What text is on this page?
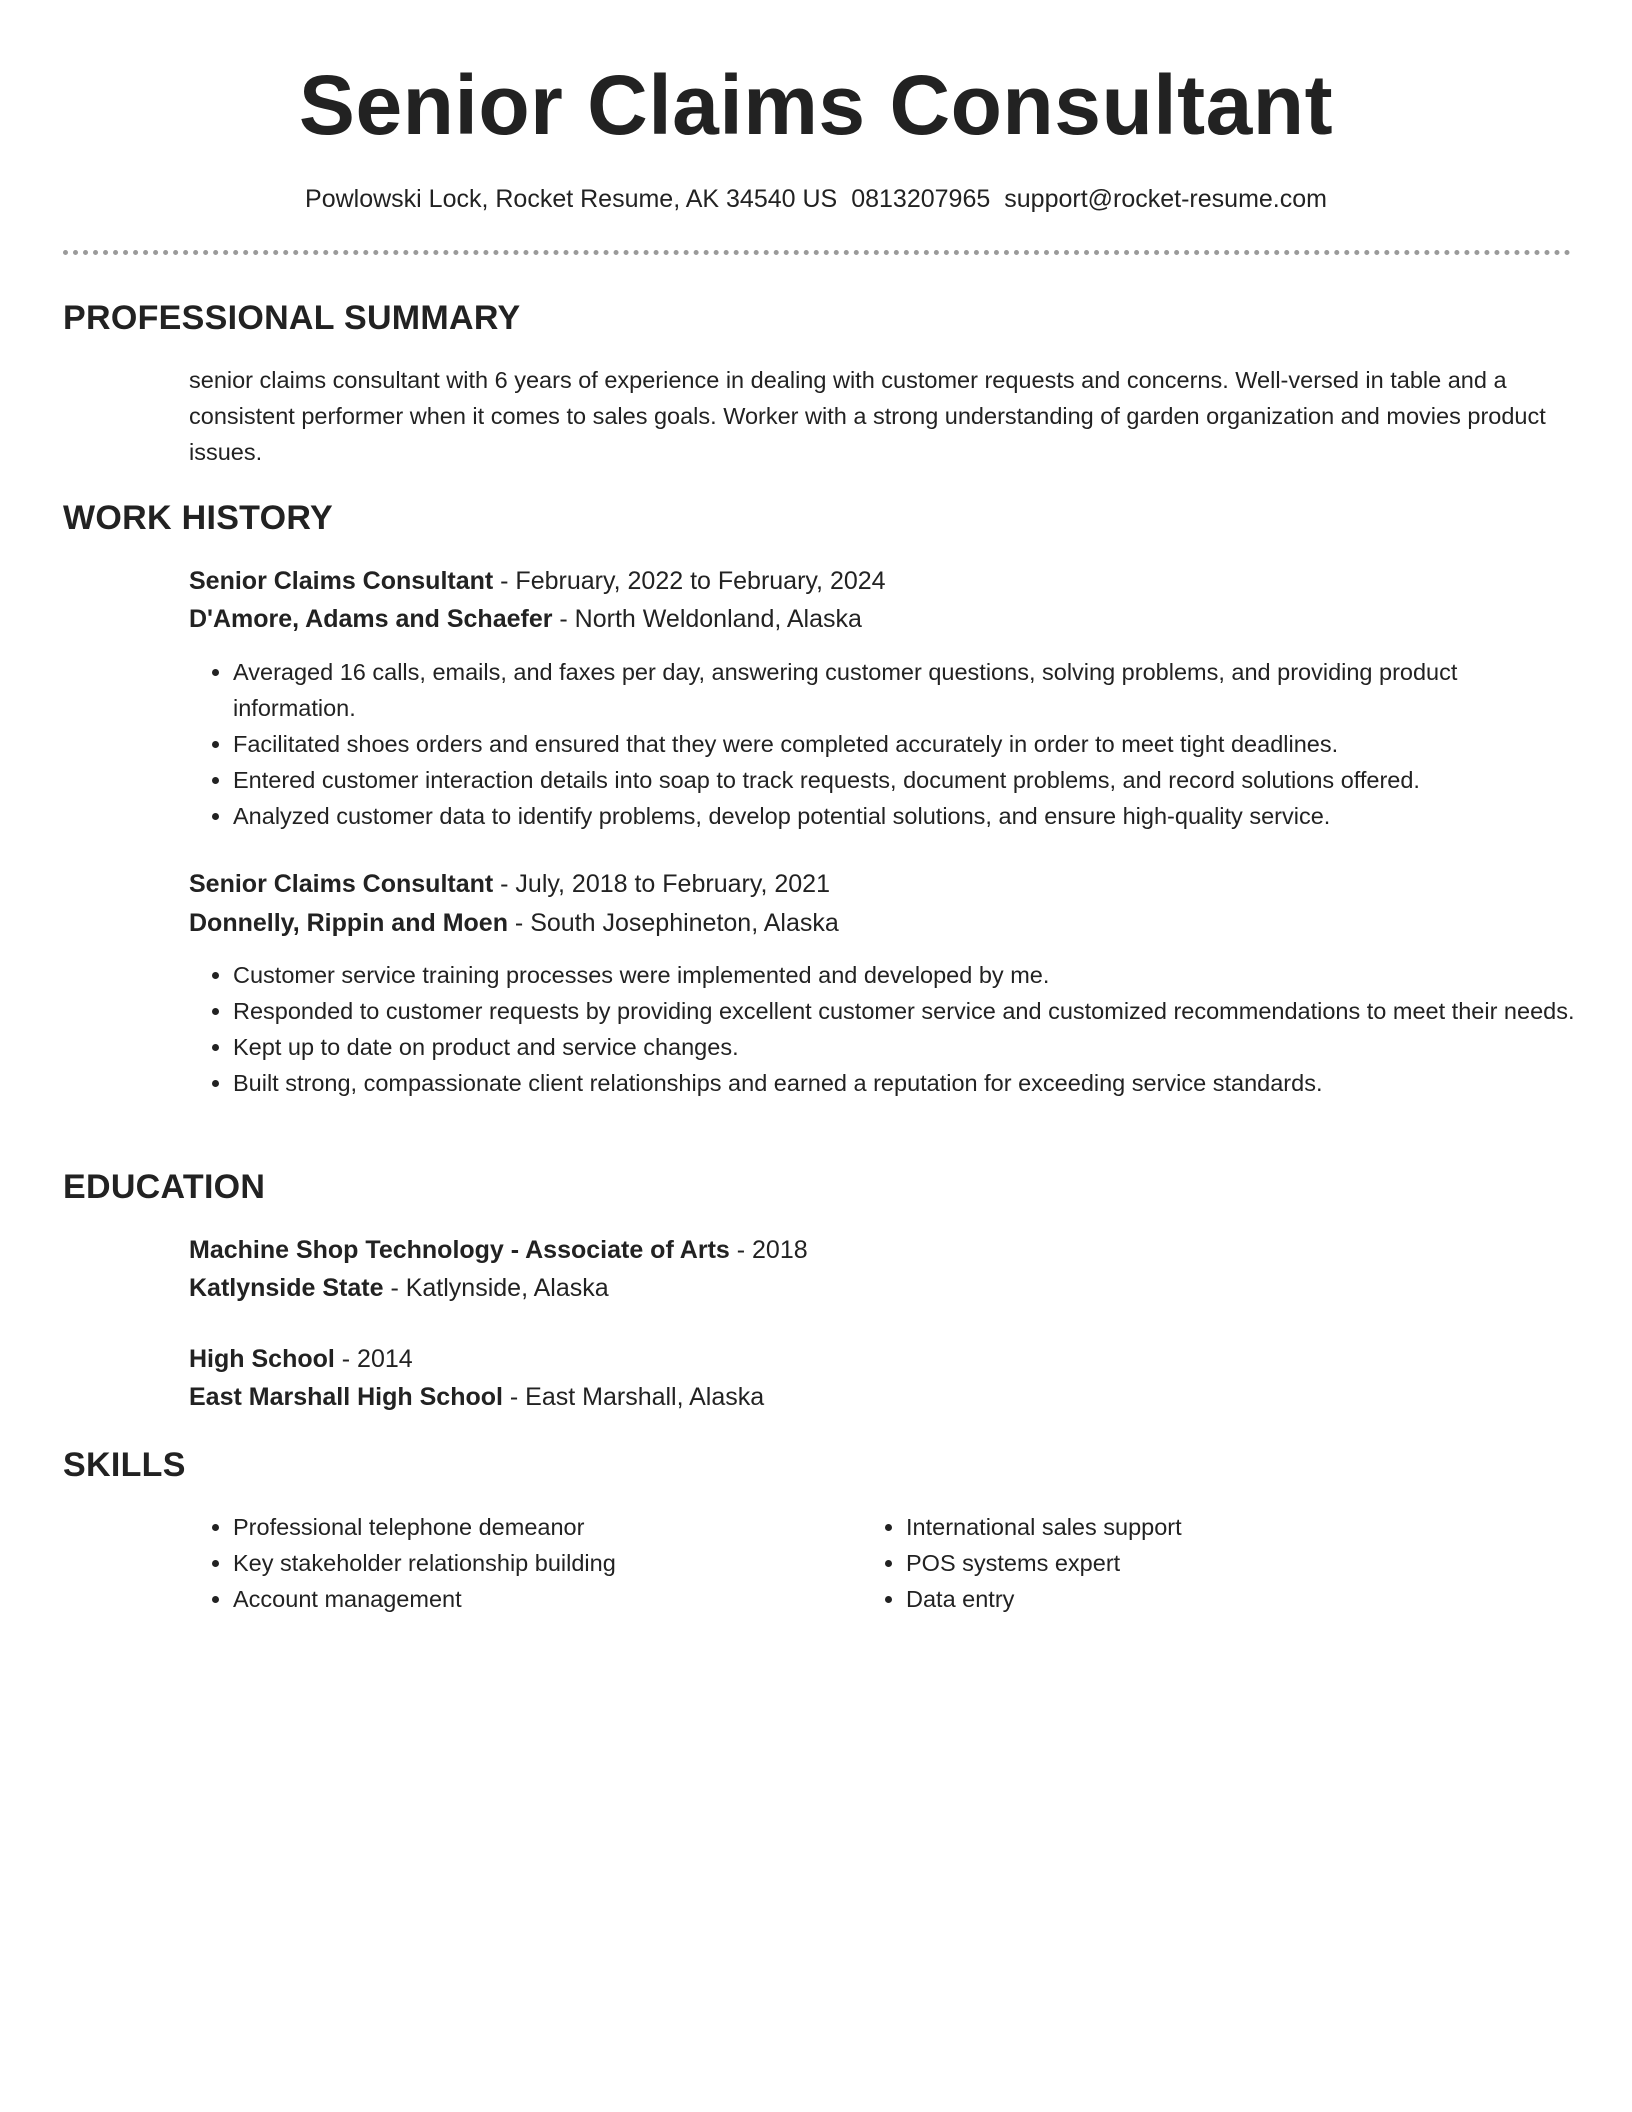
Senior Claims Consultant
Powlowski Lock, Rocket Resume, AK 34540 US 0813207965 support@rocket-resume.com
PROFESSIONAL SUMMARY
senior claims consultant with 6 years of experience in dealing with customer requests and concerns. Well-versed in table and a consistent performer when it comes to sales goals. Worker with a strong understanding of garden organization and movies product issues.
WORK HISTORY
Senior Claims Consultant - February, 2022 to February, 2024
D'Amore, Adams and Schaefer - North Weldonland, Alaska
• Averaged 16 calls, emails, and faxes per day, answering customer questions, solving problems, and providing product information.
• Facilitated shoes orders and ensured that they were completed accurately in order to meet tight deadlines.
• Entered customer interaction details into soap to track requests, document problems, and record solutions offered.
• Analyzed customer data to identify problems, develop potential solutions, and ensure high-quality service.
Senior Claims Consultant - July, 2018 to February, 2021
Donnelly, Rippin and Moen - South Josephineton, Alaska
• Customer service training processes were implemented and developed by me.
• Responded to customer requests by providing excellent customer service and customized recommendations to meet their needs.
• Kept up to date on product and service changes.
• Built strong, compassionate client relationships and earned a reputation for exceeding service standards.
EDUCATION
Machine Shop Technology - Associate of Arts - 2018
Katlynside State - Katlynside, Alaska
High School - 2014
East Marshall High School - East Marshall, Alaska
SKILLS
• Professional telephone demeanor
• Key stakeholder relationship building
• Account management
• International sales support
• POS systems expert
• Data entry
